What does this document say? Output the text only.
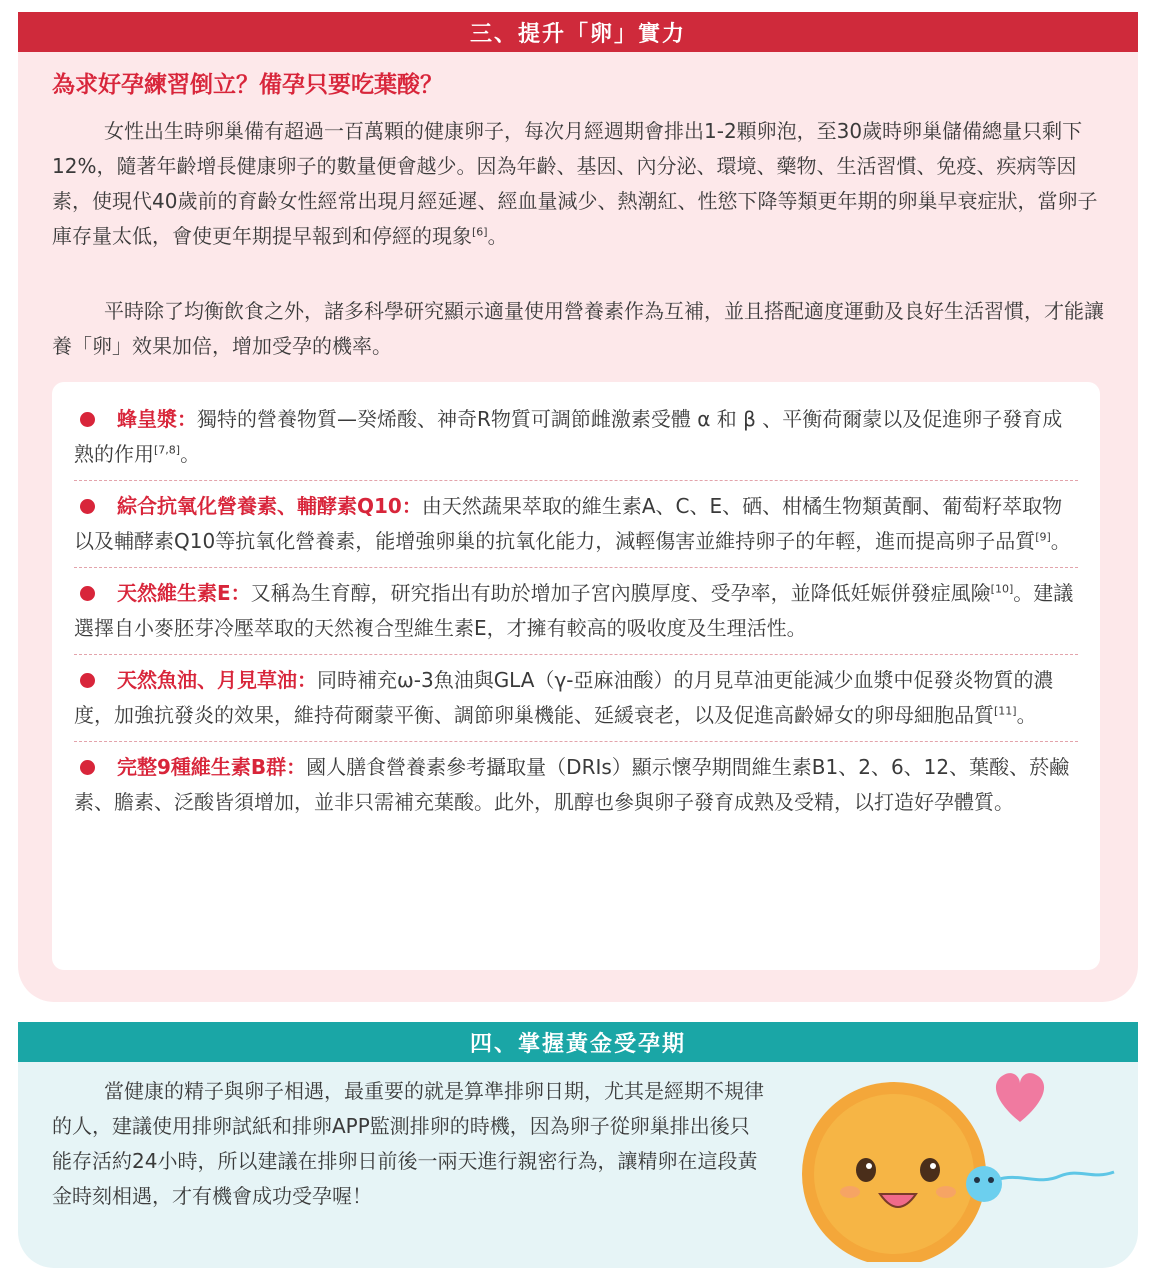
三、提升「卵」實力
為求好孕練習倒立？備孕只要吃葉酸？
女性出生時卵巢備有超過一百萬顆的健康卵子，每次月經週期會排出1-2顆卵泡，至30歲時卵巢儲備總量只剩下12%，隨著年齡增長健康卵子的數量便會越少。因為年齡、基因、內分泌、環境、藥物、生活習慣、免疫、疾病等因素，使現代40歲前的育齡女性經常出現月經延遲、經血量減少、熱潮紅、性慾下降等類更年期的卵巢早衰症狀，當卵子庫存量太低，會使更年期提早報到和停經的現象[6]。
平時除了均衡飲食之外，諸多科學研究顯示適量使用營養素作為互補，並且搭配適度運動及良好生活習慣，才能讓養「卵」效果加倍，增加受孕的機率。
蜂皇漿：獨特的營養物質—癸烯酸、神奇R物質可調節雌激素受體 α 和 β 、平衡荷爾蒙以及促進卵子發育成熟的作用[7,8]。
綜合抗氧化營養素、輔酵素Q10：由天然蔬果萃取的維生素A、C、E、硒、柑橘生物類黃酮、葡萄籽萃取物以及輔酵素Q10等抗氧化營養素，能增強卵巢的抗氧化能力，減輕傷害並維持卵子的年輕，進而提高卵子品質[9]。
天然維生素E：又稱為生育醇，研究指出有助於增加子宮內膜厚度、受孕率，並降低妊娠併發症風險[10]。建議選擇自小麥胚芽冷壓萃取的天然複合型維生素E，才擁有較高的吸收度及生理活性。
天然魚油、月見草油：同時補充ω-3魚油與GLA（γ-亞麻油酸）的月見草油更能減少血漿中促發炎物質的濃度，加強抗發炎的效果，維持荷爾蒙平衡、調節卵巢機能、延緩衰老，以及促進高齡婦女的卵母細胞品質[11]。
完整9種維生素B群：國人膳食營養素參考攝取量（DRIs）顯示懷孕期間維生素B1、2、6、12、葉酸、菸鹼素、膽素、泛酸皆須增加，並非只需補充葉酸。此外，肌醇也參與卵子發育成熟及受精，以打造好孕體質。
四、掌握黃金受孕期
當健康的精子與卵子相遇，最重要的就是算準排卵日期，尤其是經期不規律的人，建議使用排卵試紙和排卵APP監測排卵的時機，因為卵子從卵巢排出後只能存活約24小時，所以建議在排卵日前後一兩天進行親密行為，讓精卵在這段黃金時刻相遇，才有機會成功受孕喔！
